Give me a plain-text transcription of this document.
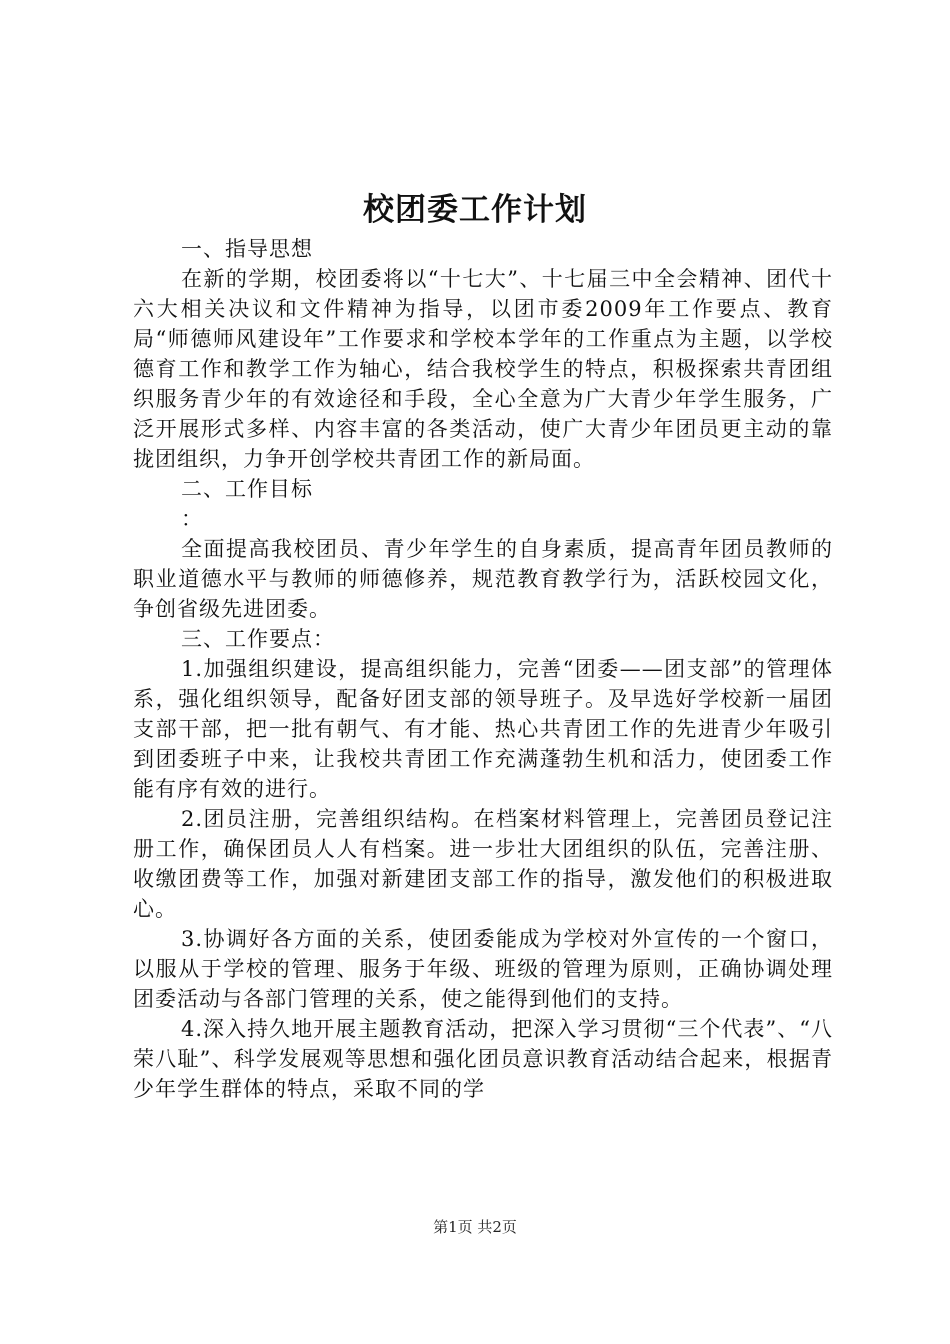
校团委工作计划

一、指导思想

在新的学期，校团委将以“十七大”、十七届三中全会精神、团代十六大相关决议和文件精神为指导，以团市委2009年工作要点、教育局“师德师风建设年”工作要求和学校本学年的工作重点为主题，以学校德育工作和教学工作为轴心，结合我校学生的特点，积极探索共青团组织服务青少年的有效途径和手段，全心全意为广大青少年学生服务，广泛开展形式多样、内容丰富的各类活动，使广大青少年团员更主动的靠拢团组织，力争开创学校共青团工作的新局面。

二、工作目标

：

全面提高我校团员、青少年学生的自身素质，提高青年团员教师的职业道德水平与教师的师德修养，规范教育教学行为，活跃校园文化，争创省级先进团委。

三、工作要点：

1.加强组织建设，提高组织能力，完善“团委——团支部”的管理体系，强化组织领导，配备好团支部的领导班子。及早选好学校新一届团支部干部，把一批有朝气、有才能、热心共青团工作的先进青少年吸引到团委班子中来，让我校共青团工作充满蓬勃生机和活力，使团委工作能有序有效的进行。

2.团员注册，完善组织结构。在档案材料管理上，完善团员登记注册工作，确保团员人人有档案。进一步壮大团组织的队伍，完善注册、收缴团费等工作，加强对新建团支部工作的指导，激发他们的积极进取心。

3.协调好各方面的关系，使团委能成为学校对外宣传的一个窗口，以服从于学校的管理、服务于年级、班级的管理为原则，正确协调处理团委活动与各部门管理的关系，使之能得到他们的支持。

4.深入持久地开展主题教育活动，把深入学习贯彻“三个代表”、“八荣八耻”、科学发展观等思想和强化团员意识教育活动结合起来，根据青少年学生群体的特点，采取不同的学

第1页 共2页
